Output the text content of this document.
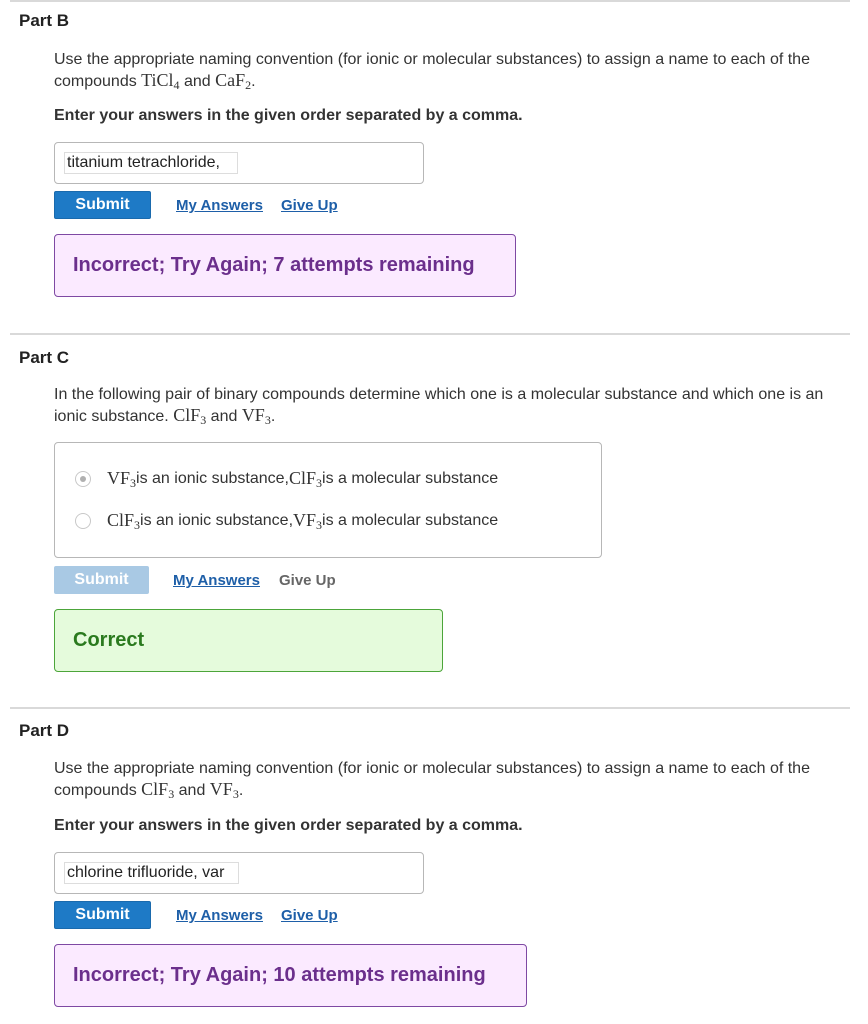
Part B
Use the appropriate naming convention (for ionic or molecular substances) to assign a name to each of the compounds TiCl$_4$ and CaF$_2$.
Enter your answers in the given order separated by a comma.
titanium tetrachloride,
Submit	My Answers Give Up
Incorrect; Try Again; 7 attempts remaining
Part C
In the following pair of binary compounds determine which one is a molecular substance and which one is an ionic substance. ClF$_3$ and $VF_3$.
$VF_3$ is an ionic substance, ClF$_3$ is a molecular substance
ClF$_3$ is an ionic substance, $VF_3$ is a molecular substance
Submit	My Answers Give Up
Correct
Part D
Use the appropriate naming convention (for ionic or molecular substances) to assign a name to each of the compounds ClF$_3$ and $VF_3$.
Enter your answers in the given order separated by a comma.
chlorine trifluoride, var
Submit	My Answers Give Up
Incorrect; Try Again; 10 attempts remaining
